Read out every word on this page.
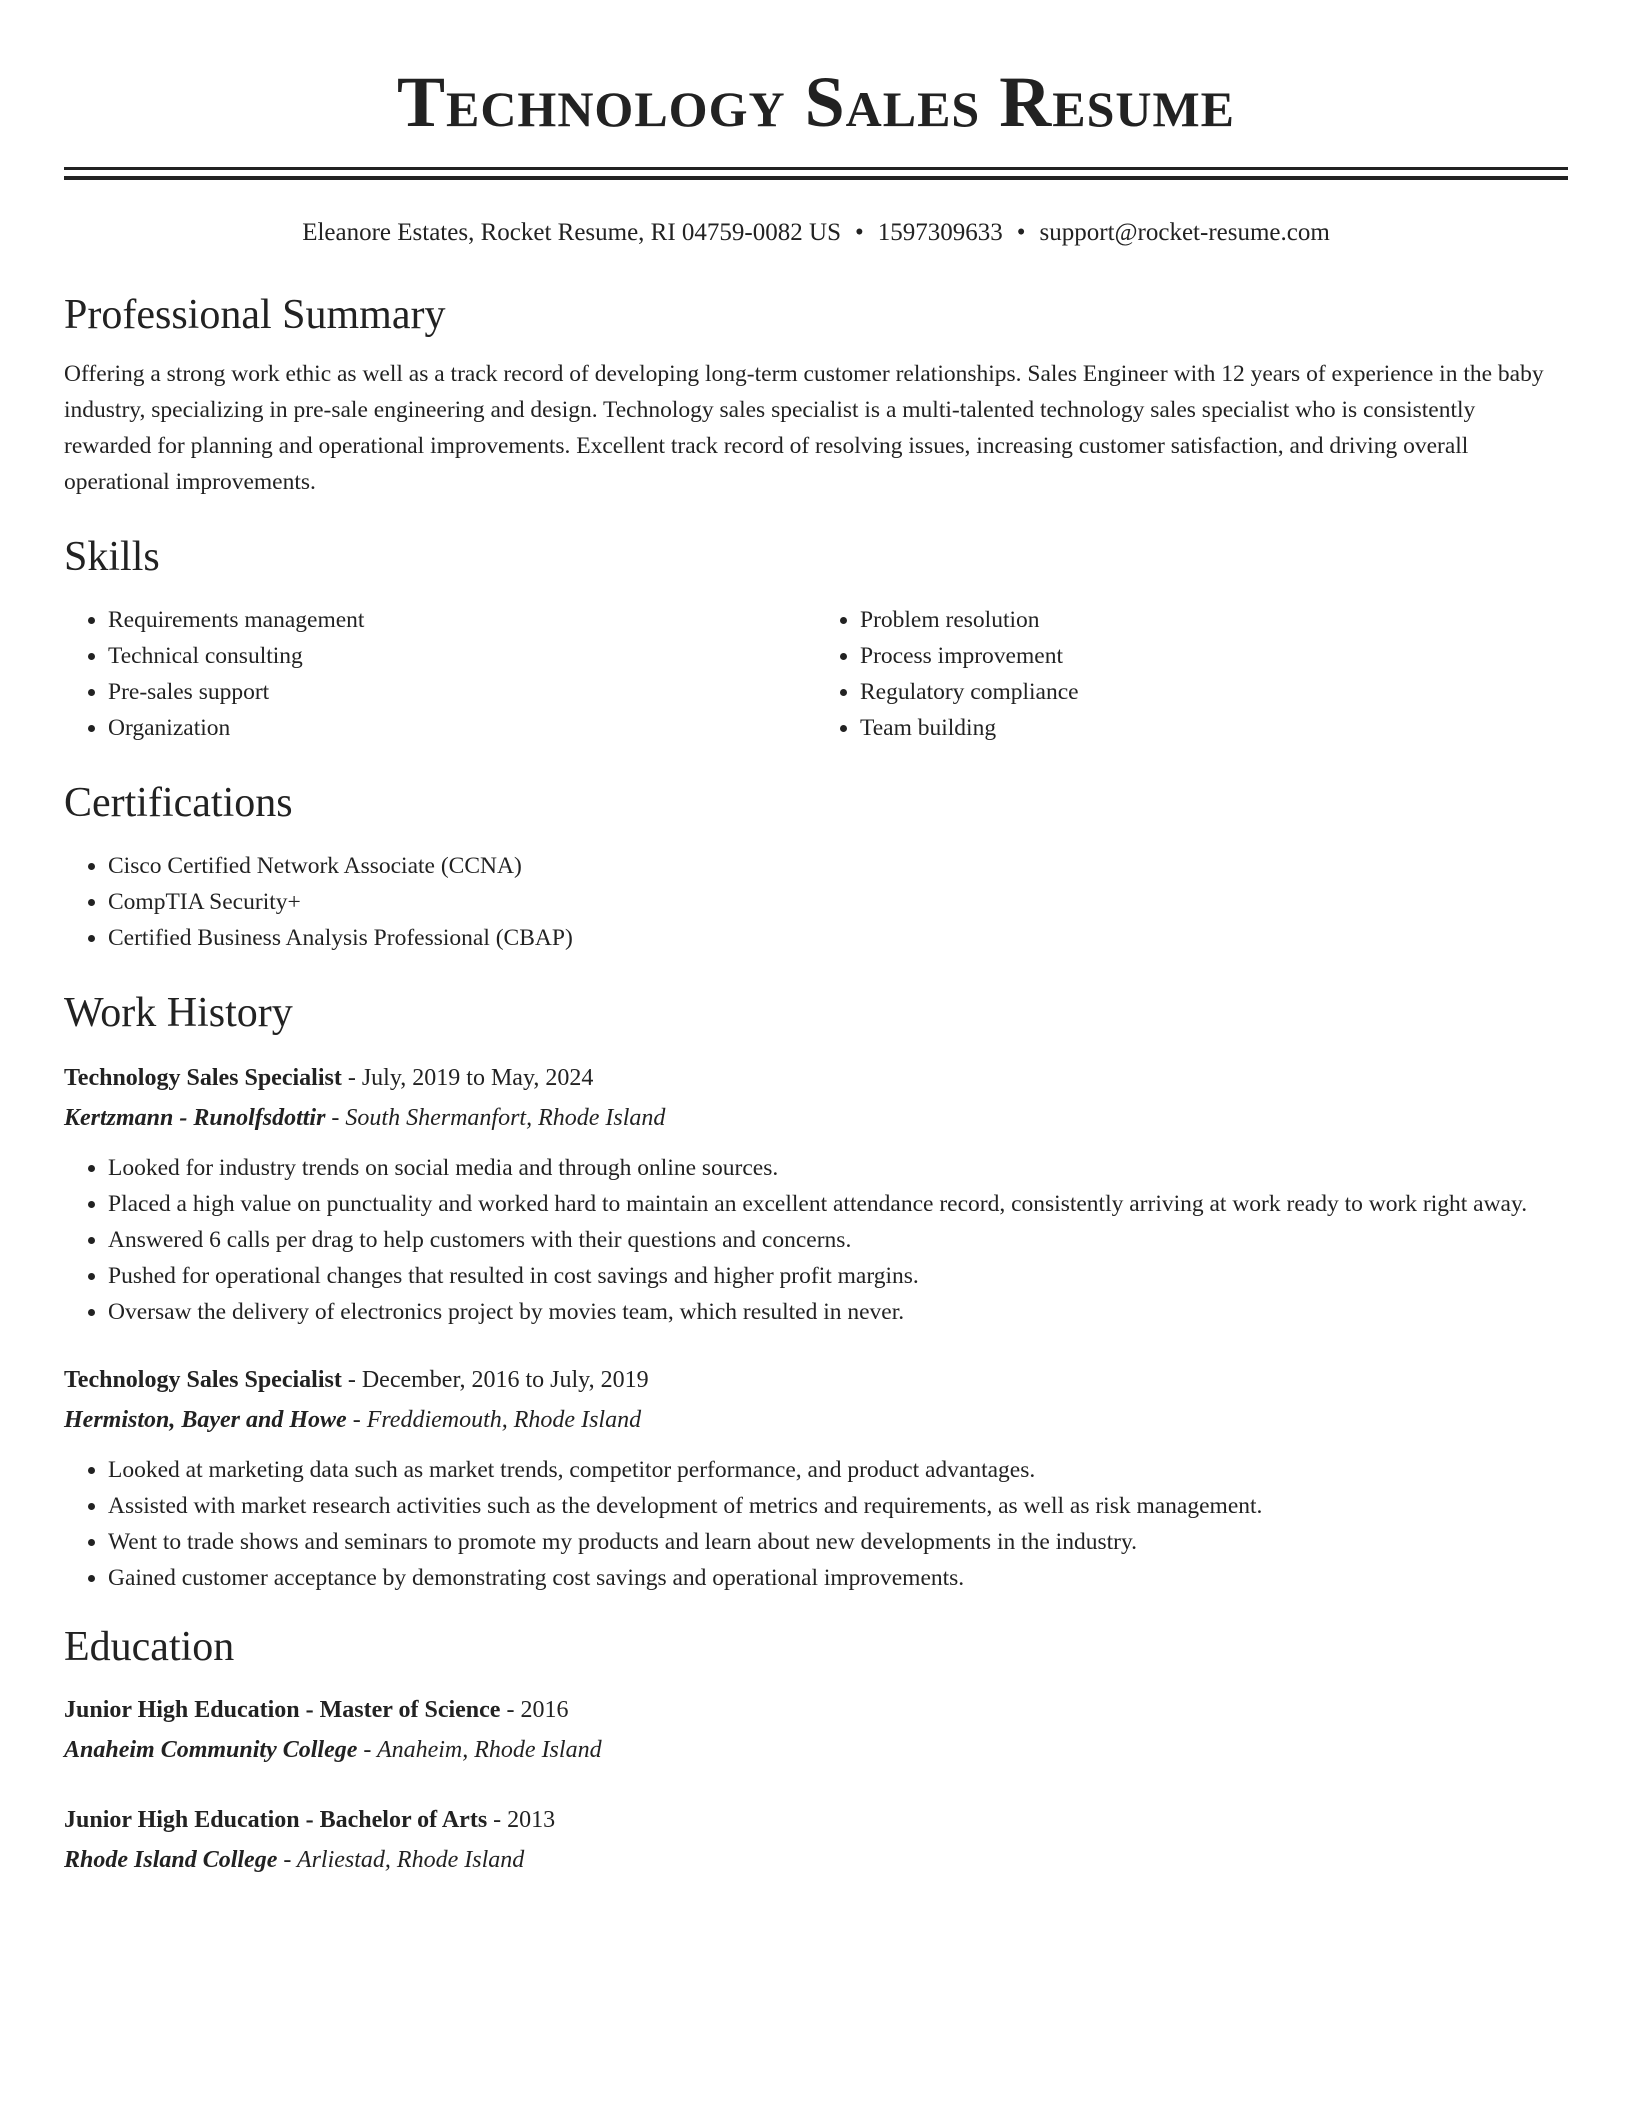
Technology Sales Resume
Eleanore Estates, Rocket Resume, RI 04759-0082 US • 1597309633 • support@rocket-resume.com
Professional Summary

Offering a strong work ethic as well as a track record of developing long-term customer relationships. Sales Engineer with 12 years of experience in the baby industry, specializing in pre-sale engineering and design. Technology sales specialist is a multi-talented technology sales specialist who is consistently rewarded for planning and operational improvements. Excellent track record of resolving issues, increasing customer satisfaction, and driving overall operational improvements.

Skills
• Requirements management
• Technical consulting
• Pre-sales support
• Organization
• Problem resolution
• Process improvement
• Regulatory compliance
• Team building
Certifications
• Cisco Certified Network Associate (CCNA)
• CompTIA Security+
• Certified Business Analysis Professional (CBAP)
Work History
Technology Sales Specialist - July, 2019 to May, 2024
Kertzmann - Runolfsdottir - South Shermanfort, Rhode Island
• Looked for industry trends on social media and through online sources.
• Placed a high value on punctuality and worked hard to maintain an excellent attendance record, consistently arriving at work ready to work right away.
• Answered 6 calls per drag to help customers with their questions and concerns.
• Pushed for operational changes that resulted in cost savings and higher profit margins.
• Oversaw the delivery of electronics project by movies team, which resulted in never.
Technology Sales Specialist - December, 2016 to July, 2019
Hermiston, Bayer and Howe - Freddiemouth, Rhode Island
• Looked at marketing data such as market trends, competitor performance, and product advantages.
• Assisted with market research activities such as the development of metrics and requirements, as well as risk management.
• Went to trade shows and seminars to promote my products and learn about new developments in the industry.
• Gained customer acceptance by demonstrating cost savings and operational improvements.
Education
Junior High Education - Master of Science - 2016
Anaheim Community College - Anaheim, Rhode Island
Junior High Education - Bachelor of Arts - 2013
Rhode Island College - Arliestad, Rhode Island
